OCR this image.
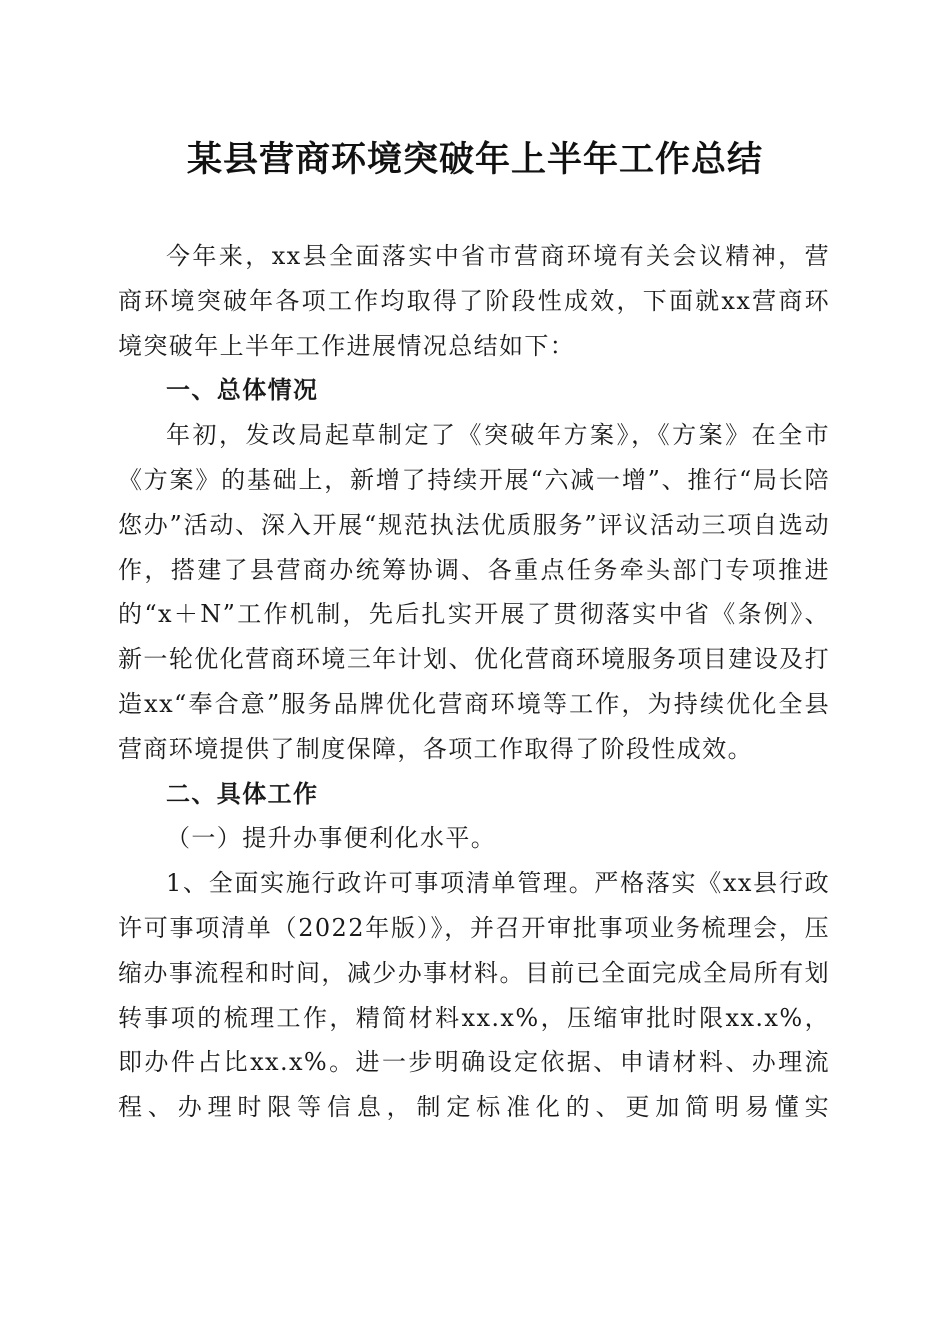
某县营商环境突破年上半年工作总结

今年来，xx县全面落实中省市营商环境有关会议精神，营商环境突破年各项工作均取得了阶段性成效，下面就xx营商环境突破年上半年工作进展情况总结如下：

一、总体情况

年初，发改局起草制定了《突破年方案》，《方案》在全市《方案》的基础上，新增了持续开展“六减一增”、推行“局长陪您办”活动、深入开展“规范执法优质服务”评议活动三项自选动作，搭建了县营商办统筹协调、各重点任务牵头部门专项推进的“x＋N”工作机制，先后扎实开展了贯彻落实中省《条例》、新一轮优化营商环境三年计划、优化营商环境服务项目建设及打造xx“奉合意”服务品牌优化营商环境等工作，为持续优化全县营商环境提供了制度保障，各项工作取得了阶段性成效。

二、具体工作

（一）提升办事便利化水平。

1、全面实施行政许可事项清单管理。严格落实《xx县行政许可事项清单（2022年版）》，并召开审批事项业务梳理会，压缩办事流程和时间，减少办事材料。目前已全面完成全局所有划转事项的梳理工作，精简材料xx.x%，压缩审批时限xx.x%，即办件占比xx.x%。进一步明确设定依据、申请材料、办理流程、办理时限等信息，制定标准化的、更加简明易懂实
